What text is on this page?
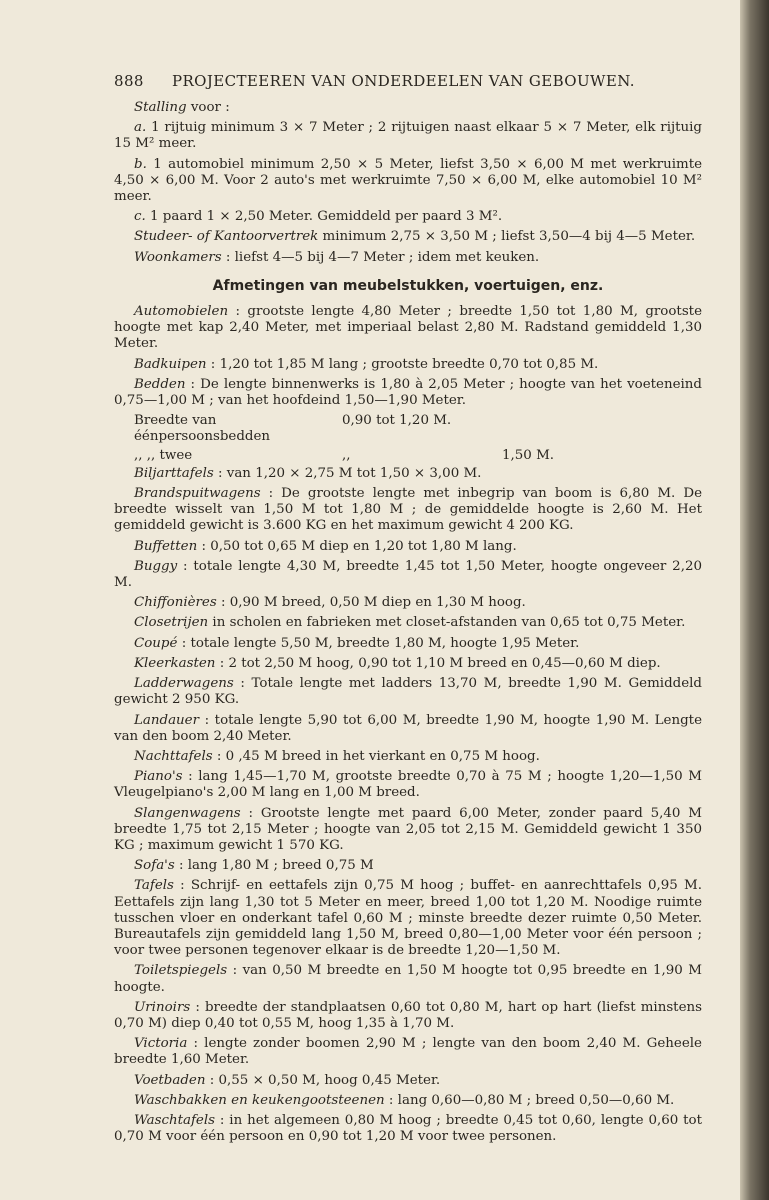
888 PROJECTEEREN VAN ONDERDEELEN VAN GEBOUWEN.

Stalling voor :

a. 1 rijtuig minimum 3 × 7 Meter ; 2 rijtuigen naast elkaar 5 × 7 Meter, elk rijtuig 15 M² meer.

b. 1 automobiel minimum 2,50 × 5 Meter, liefst 3,50 × 6,00 M met werkruimte 4,50 × 6,00 M. Voor 2 auto's met werkruimte 7,50 × 6,00 M, elke automobiel 10 M² meer.

c. 1 paard 1 × 2,50 Meter. Gemiddeld per paard 3 M².

Studeer- of Kantoorvertrek minimum 2,75 × 3,50 M ; liefst 3,50—4 bij 4—5 Meter.

Woonkamers : liefst 4—5 bij 4—7 Meter ; idem met keuken.

Afmetingen van meubelstukken, voertuigen, enz.

Automobielen : grootste lengte 4,80 Meter ; breedte 1,50 tot 1,80 M, grootste hoogte met kap 2,40 Meter, met imperiaal belast 2,80 M. Radstand gemiddeld 1,30 Meter.

Badkuipen : 1,20 tot 1,85 M lang ; grootste breedte 0,70 tot 0,85 M.

Bedden : De lengte binnenwerks is 1,80 à 2,05 Meter ; hoogte van het voeteneind 0,75—1,00 M ; van het hoofdeind 1,50—1,90 Meter.

Breedte van éénpersoonsbedden
0,90 tot 1,20 M.
,, ,, twee	,,	1,50 M.

Biljarttafels : van 1,20 × 2,75 M tot 1,50 × 3,00 M.

Brandspuitwagens : De grootste lengte met inbegrip van boom is 6,80 M. De breedte wisselt van 1,50 M tot 1,80 M ; de gemiddelde hoogte is 2,60 M. Het gemiddeld gewicht is 3.600 KG en het maximum gewicht 4 200 KG.

Buffetten : 0,50 tot 0,65 M diep en 1,20 tot 1,80 M lang.

Buggy : totale lengte 4,30 M, breedte 1,45 tot 1,50 Meter, hoogte ongeveer 2,20 M.

Chiffonières : 0,90 M breed, 0,50 M diep en 1,30 M hoog.

Closetrijen in scholen en fabrieken met closet-afstanden van 0,65 tot 0,75 Meter.

Coupé : totale lengte 5,50 M, breedte 1,80 M, hoogte 1,95 Meter.

Kleerkasten : 2 tot 2,50 M hoog, 0,90 tot 1,10 M breed en 0,45—0,60 M diep.

Ladderwagens : Totale lengte met ladders 13,70 M, breedte 1,90 M. Gemiddeld gewicht 2 950 KG.

Landauer : totale lengte 5,90 tot 6,00 M, breedte 1,90 M, hoogte 1,90 M. Lengte van den boom 2,40 Meter.

Nachttafels : 0 ,45 M breed in het vierkant en 0,75 M hoog.

Piano's : lang 1,45—1,70 M, grootste breedte 0,70 à 75 M ; hoogte 1,20—1,50 M Vleugelpiano's 2,00 M lang en 1,00 M breed.

Slangenwagens : Grootste lengte met paard 6,00 Meter, zonder paard 5,40 M breedte 1,75 tot 2,15 Meter ; hoogte van 2,05 tot 2,15 M. Gemiddeld gewicht 1 350 KG ; maximum gewicht 1 570 KG.

Sofa's : lang 1,80 M ; breed 0,75 M

Tafels : Schrijf- en eettafels zijn 0,75 M hoog ; buffet- en aanrechttafels 0,95 M. Eettafels zijn lang 1,30 tot 5 Meter en meer, breed 1,00 tot 1,20 M. Noodige ruimte tusschen vloer en onderkant tafel 0,60 M ; minste breedte dezer ruimte 0,50 Meter. Bureautafels zijn gemiddeld lang 1,50 M, breed 0,80—1,00 Meter voor één persoon ; voor twee personen tegenover elkaar is de breedte 1,20—1,50 M.

Toiletspiegels : van 0,50 M breedte en 1,50 M hoogte tot 0,95 breedte en 1,90 M hoogte.

Urinoirs : breedte der standplaatsen 0,60 tot 0,80 M, hart op hart (liefst minstens 0,70 M) diep 0,40 tot 0,55 M, hoog 1,35 à 1,70 M.

Victoria : lengte zonder boomen 2,90 M ; lengte van den boom 2,40 M. Geheele breedte 1,60 Meter.

Voetbaden : 0,55 × 0,50 M, hoog 0,45 Meter.

Waschbakken en keukengootsteenen : lang 0,60—0,80 M ; breed 0,50—0,60 M.

Waschtafels : in het algemeen 0,80 M hoog ; breedte 0,45 tot 0,60, lengte 0,60 tot 0,70 M voor één persoon en 0,90 tot 1,20 M voor twee personen.
